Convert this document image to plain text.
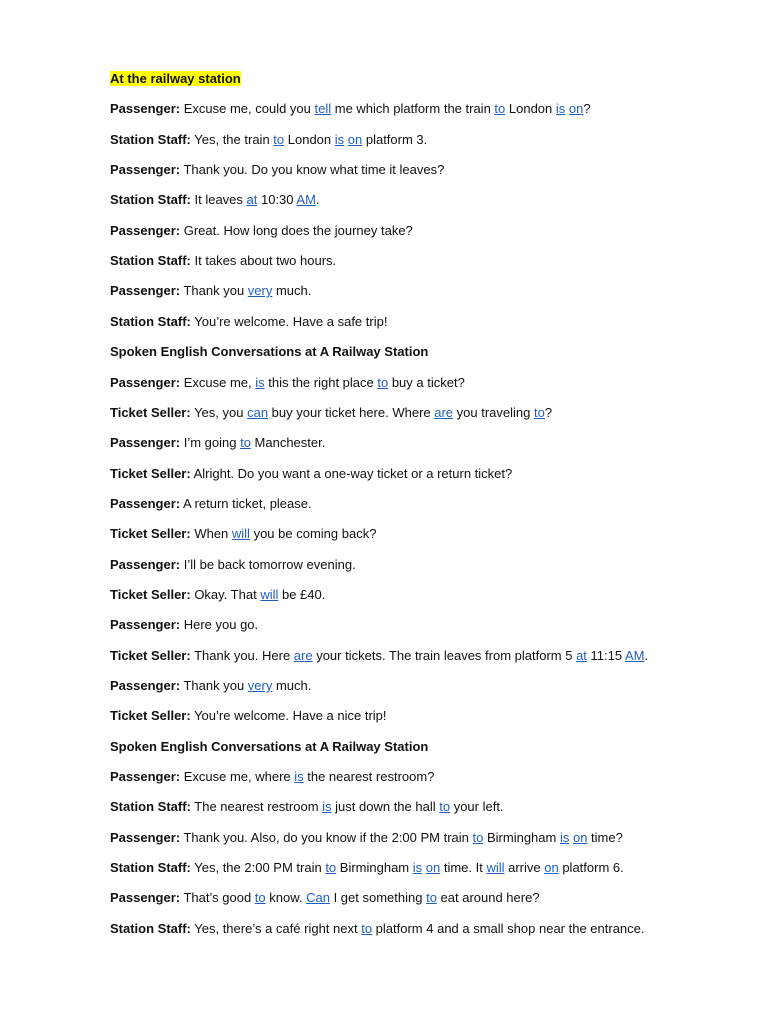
At the railway station
Passenger: Excuse me, could you tell me which platform the train to London is on?
Station Staff: Yes, the train to London is on platform 3.
Passenger: Thank you. Do you know what time it leaves?
Station Staff: It leaves at 10:30 AM.
Passenger: Great. How long does the journey take?
Station Staff: It takes about two hours.
Passenger: Thank you very much.
Station Staff: You’re welcome. Have a safe trip!
Spoken English Conversations at A Railway Station
Passenger: Excuse me, is this the right place to buy a ticket?
Ticket Seller: Yes, you can buy your ticket here. Where are you traveling to?
Passenger: I’m going to Manchester.
Ticket Seller: Alright. Do you want a one-way ticket or a return ticket?
Passenger: A return ticket, please.
Ticket Seller: When will you be coming back?
Passenger: I’ll be back tomorrow evening.
Ticket Seller: Okay. That will be £40.
Passenger: Here you go.
Ticket Seller: Thank you. Here are your tickets. The train leaves from platform 5 at 11:15 AM.
Passenger: Thank you very much.
Ticket Seller: You’re welcome. Have a nice trip!
Spoken English Conversations at A Railway Station
Passenger: Excuse me, where is the nearest restroom?
Station Staff: The nearest restroom is just down the hall to your left.
Passenger: Thank you. Also, do you know if the 2:00 PM train to Birmingham is on time?
Station Staff: Yes, the 2:00 PM train to Birmingham is on time. It will arrive on platform 6.
Passenger: That’s good to know. Can I get something to eat around here?
Station Staff: Yes, there’s a café right next to platform 4 and a small shop near the entrance.
